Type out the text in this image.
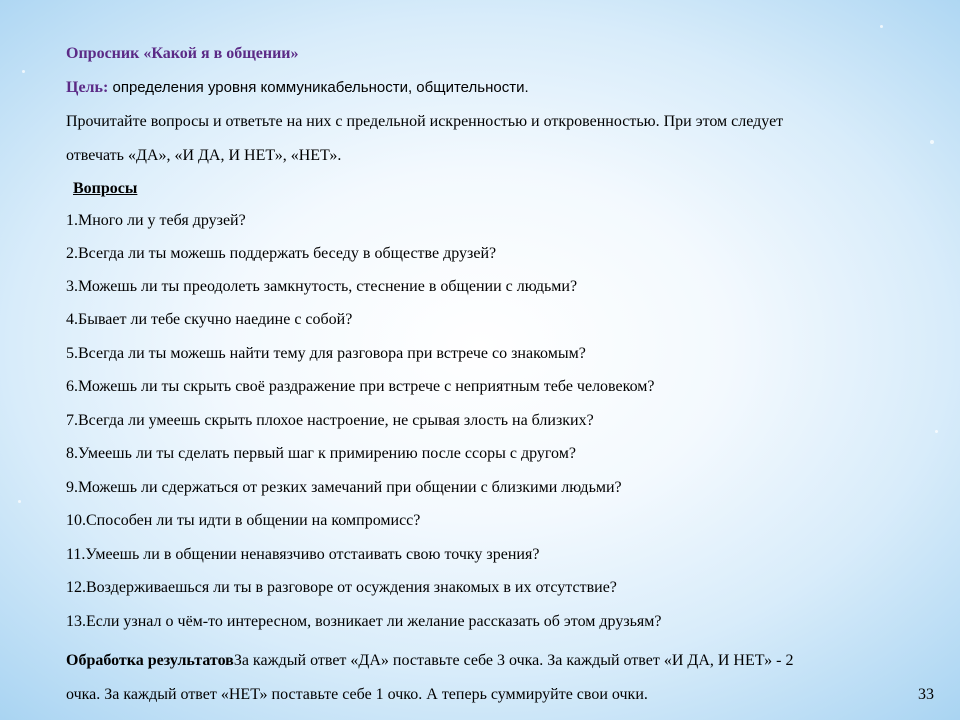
Опросник «Какой я в общении»
Цель: определения уровня коммуникабельности, общительности.
Прочитайте вопросы и ответьте на них с предельной искренностью и откровенностью. При этом следует
отвечать «ДА», «И ДА, И НЕТ», «НЕТ».
Вопросы
1.Много ли у тебя друзей?
2.Всегда ли ты можешь поддержать беседу в обществе друзей?
3.Можешь ли ты преодолеть замкнутость, стеснение в общении с людьми?
4.Бывает ли тебе скучно наедине с собой?
5.Всегда ли ты можешь найти тему для разговора при встрече со знакомым?
6.Можешь ли ты скрыть своё раздражение при встрече с неприятным тебе человеком?
7.Всегда ли умеешь скрыть плохое настроение, не срывая злость на близких?
8.Умеешь ли ты сделать первый шаг к примирению после ссоры с другом?
9.Можешь ли сдержаться от резких замечаний при общении с близкими людьми?
10.Способен ли ты идти в общении на компромисс?
11.Умеешь ли в общении ненавязчиво отстаивать свою точку зрения?
12.Воздерживаешься ли ты в разговоре от осуждения знакомых в их отсутствие?
13.Если узнал о чём-то интересном, возникает ли желание рассказать об этом друзьям?
Обработка результатовЗа каждый ответ «ДА» поставьте себе 3 очка. За каждый ответ «И ДА, И НЕТ» - 2
очка. За каждый ответ «НЕТ» поставьте себе 1 очко. А теперь суммируйте свои очки.	33
